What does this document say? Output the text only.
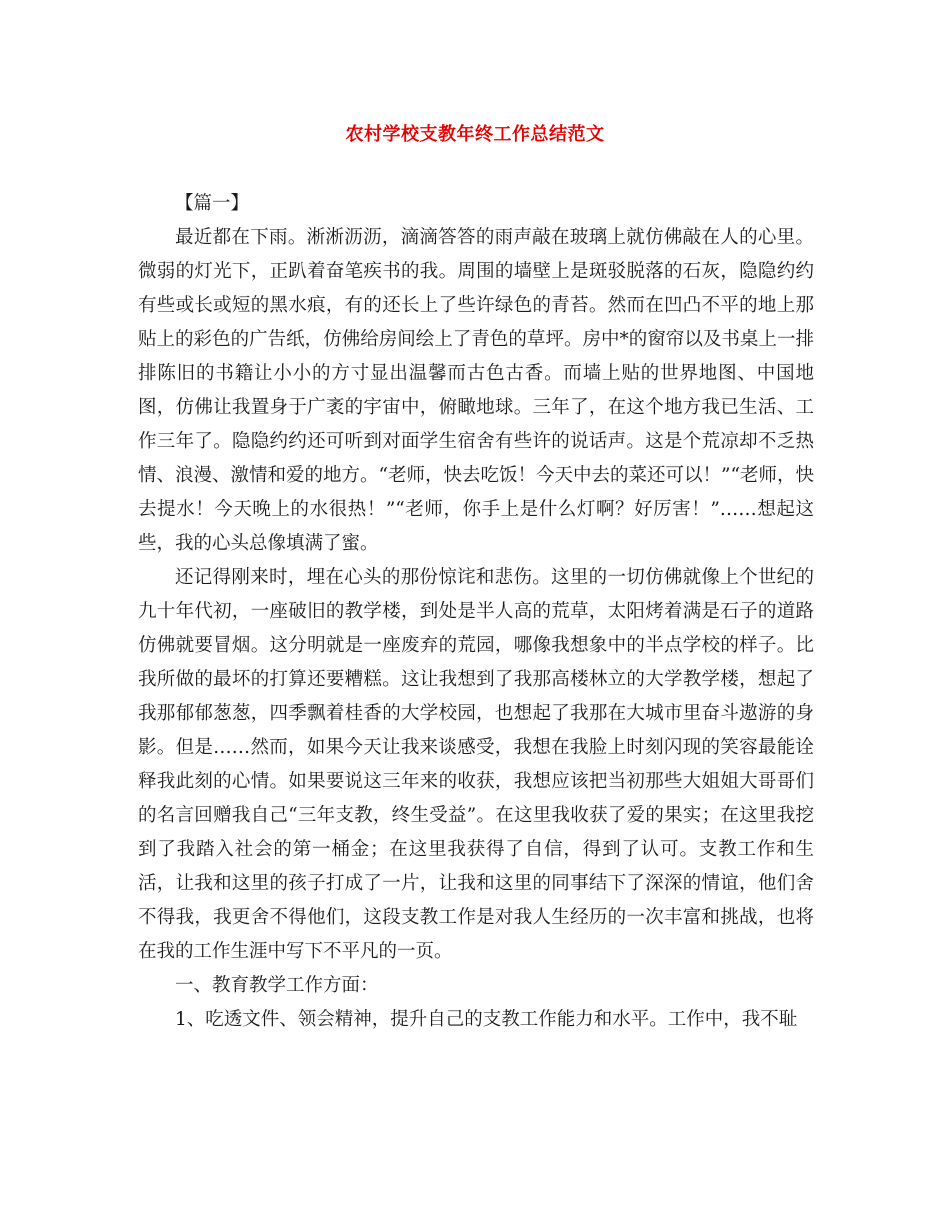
农村学校支教年终工作总结范文

【篇一】

最近都在下雨。淅淅沥沥，滴滴答答的雨声敲在玻璃上就仿佛敲在人的心里。微弱的灯光下，正趴着奋笔疾书的我。周围的墙壁上是斑驳脱落的石灰，隐隐约约有些或长或短的黑水痕，有的还长上了些许绿色的青苔。然而在凹凸不平的地上那贴上的彩色的广告纸，仿佛给房间绘上了青色的草坪。房中*的窗帘以及书桌上一排排陈旧的书籍让小小的方寸显出温馨而古色古香。而墙上贴的世界地图、中国地图，仿佛让我置身于广袤的宇宙中，俯瞰地球。三年了，在这个地方我已生活、工作三年了。隐隐约约还可听到对面学生宿舍有些许的说话声。这是个荒凉却不乏热情、浪漫、激情和爱的地方。“老师，快去吃饭！今天中去的菜还可以！”“老师，快去提水！今天晚上的水很热！”“老师，你手上是什么灯啊？好厉害！”……想起这些，我的心头总像填满了蜜。

还记得刚来时，埋在心头的那份惊诧和悲伤。这里的一切仿佛就像上个世纪的九十年代初，一座破旧的教学楼，到处是半人高的荒草，太阳烤着满是石子的道路仿佛就要冒烟。这分明就是一座废弃的荒园，哪像我想象中的半点学校的样子。比我所做的最坏的打算还要糟糕。这让我想到了我那高楼林立的大学教学楼，想起了我那郁郁葱葱，四季飘着桂香的大学校园，也想起了我那在大城市里奋斗遨游的身影。但是……然而，如果今天让我来谈感受，我想在我脸上时刻闪现的笑容最能诠释我此刻的心情。如果要说这三年来的收获，我想应该把当初那些大姐姐大哥哥们的名言回赠我自己“三年支教，终生受益”。在这里我收获了爱的果实；在这里我挖到了我踏入社会的第一桶金；在这里我获得了自信，得到了认可。支教工作和生活，让我和这里的孩子打成了一片，让我和这里的同事结下了深深的情谊，他们舍不得我，我更舍不得他们，这段支教工作是对我人生经历的一次丰富和挑战，也将在我的工作生涯中写下不平凡的一页。

一、教育教学工作方面：

1、吃透文件、领会精神，提升自己的支教工作能力和水平。工作中，我不耻
